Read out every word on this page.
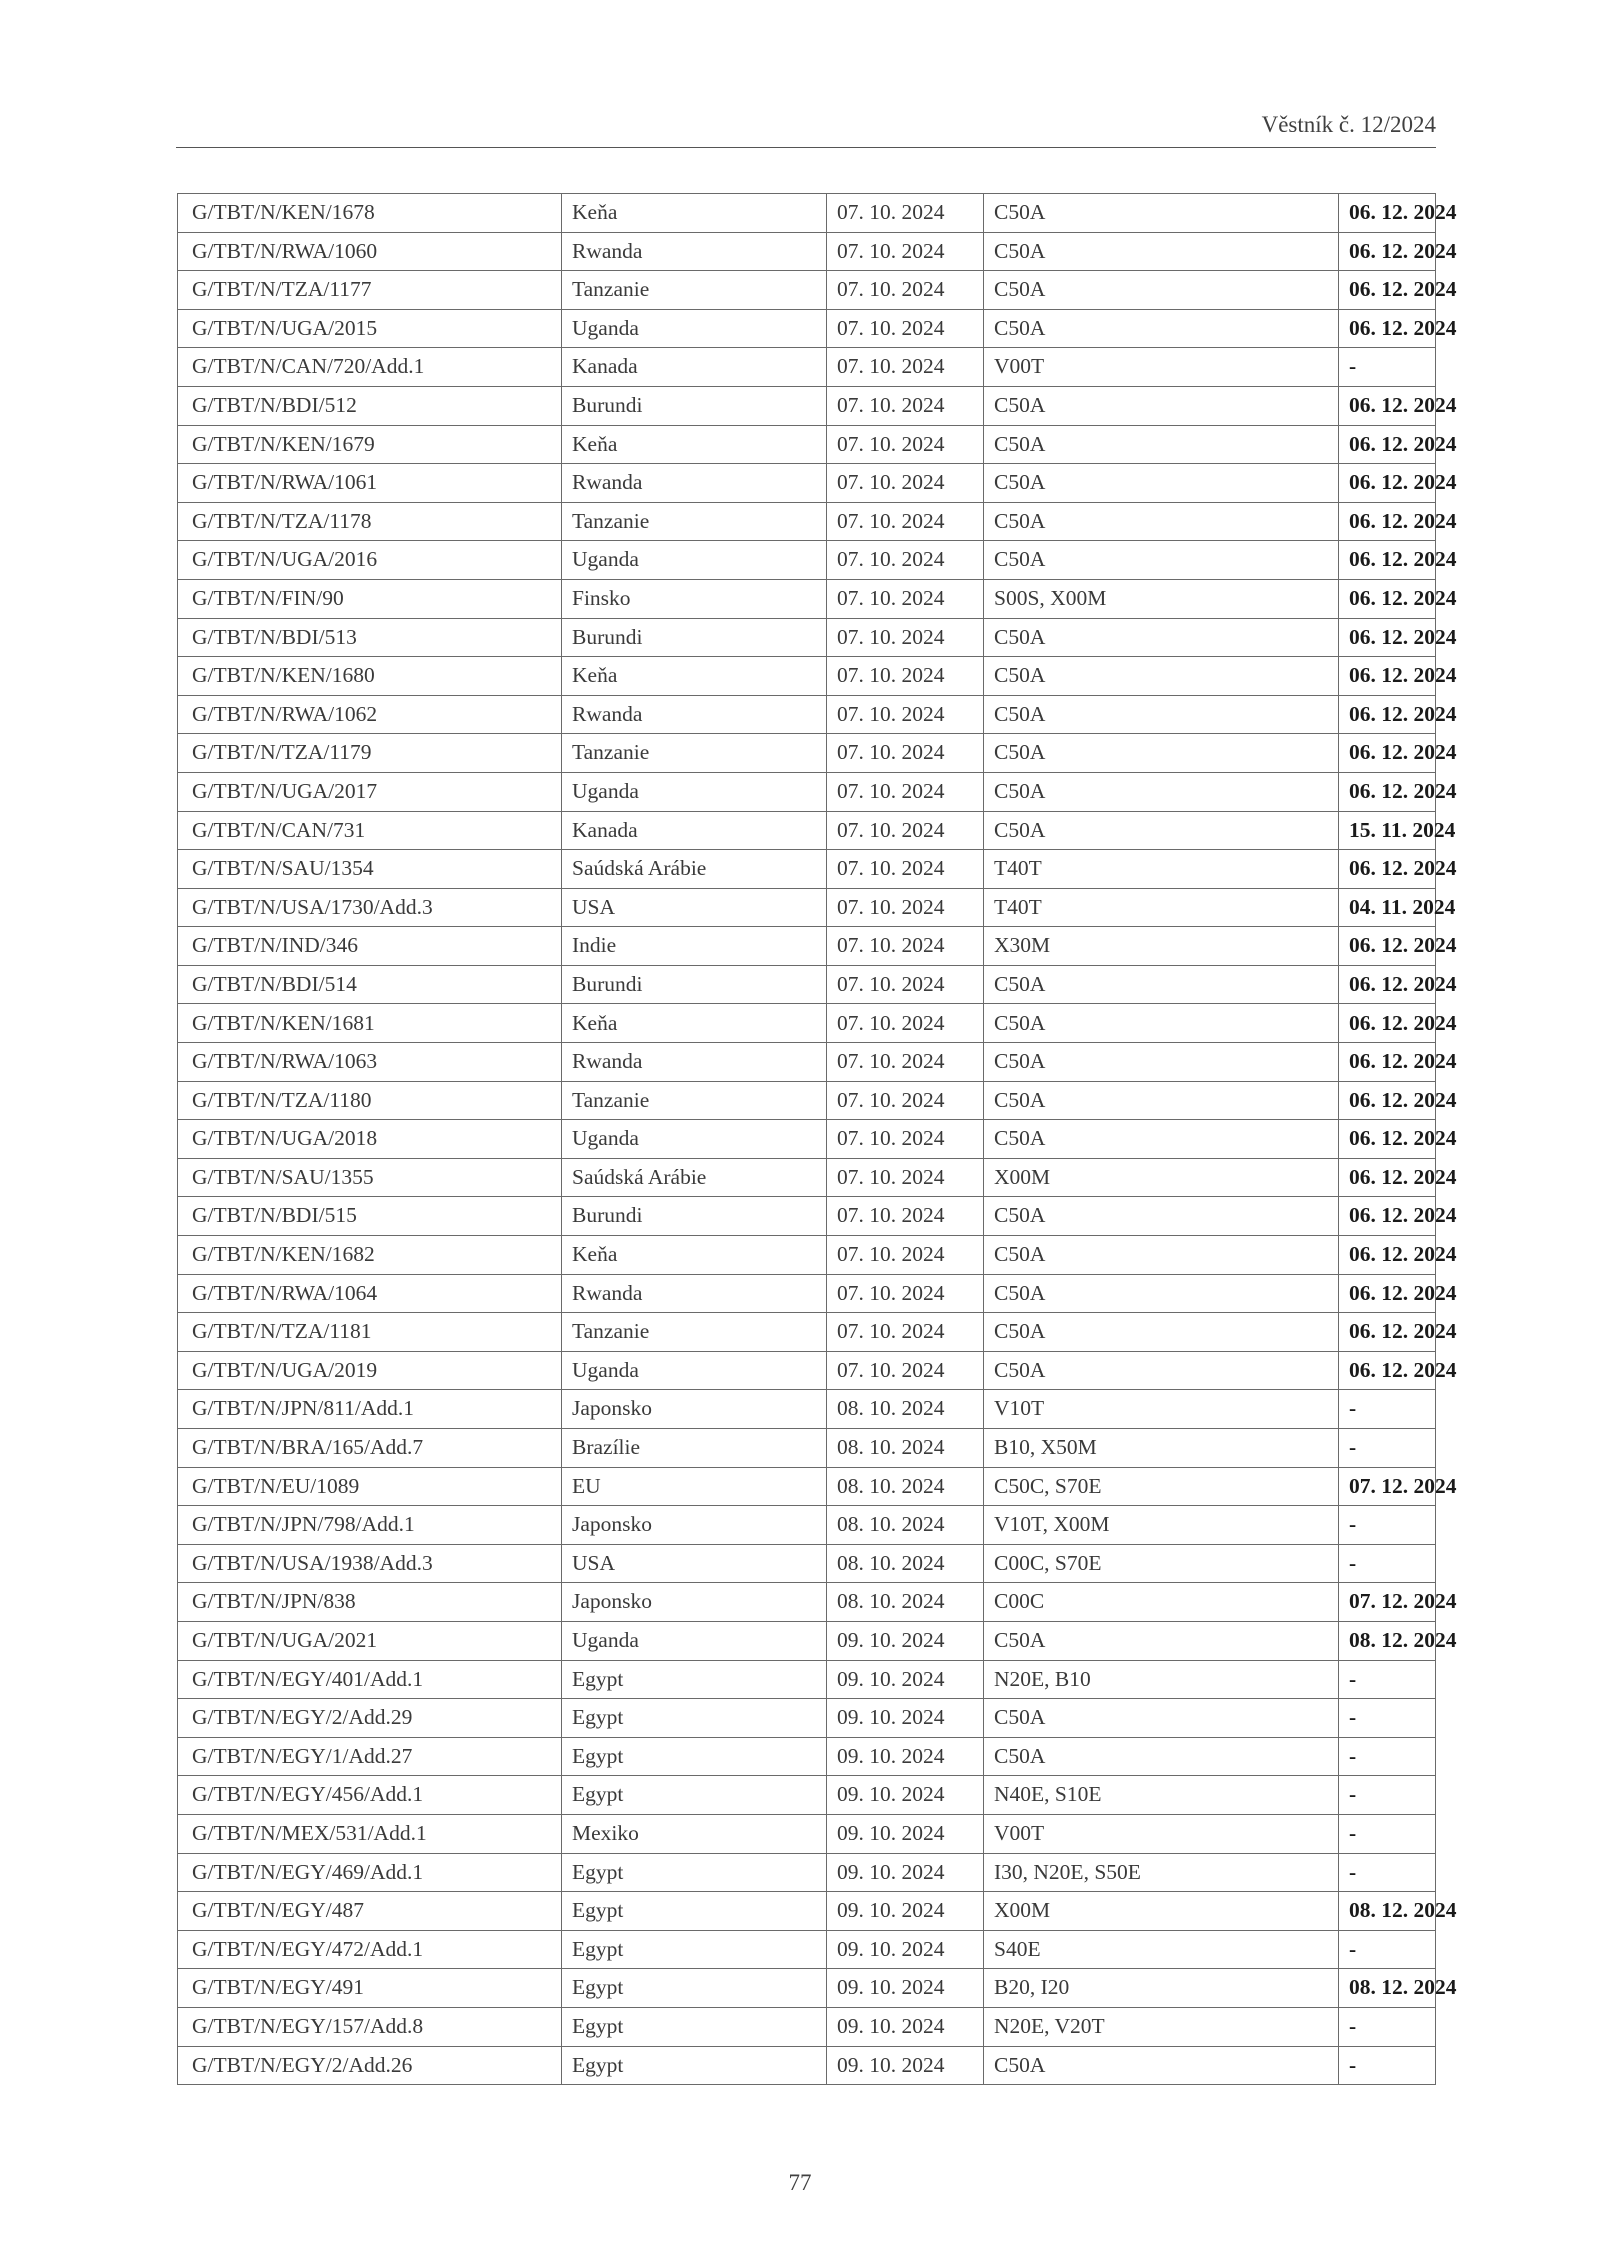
Věstník č. 12/2024
G/TBT/N/KEN/1678	Keňa	07. 10. 2024	C50A	06. 12. 2024
G/TBT/N/RWA/1060	Rwanda	07. 10. 2024	C50A	06. 12. 2024
G/TBT/N/TZA/1177	Tanzanie	07. 10. 2024	C50A	06. 12. 2024
G/TBT/N/UGA/2015	Uganda	07. 10. 2024	C50A	06. 12. 2024
G/TBT/N/CAN/720/Add.1	Kanada	07. 10. 2024	V00T	-
G/TBT/N/BDI/512	Burundi	07. 10. 2024	C50A	06. 12. 2024
G/TBT/N/KEN/1679	Keňa	07. 10. 2024	C50A	06. 12. 2024
G/TBT/N/RWA/1061	Rwanda	07. 10. 2024	C50A	06. 12. 2024
G/TBT/N/TZA/1178	Tanzanie	07. 10. 2024	C50A	06. 12. 2024
G/TBT/N/UGA/2016	Uganda	07. 10. 2024	C50A	06. 12. 2024
G/TBT/N/FIN/90	Finsko	07. 10. 2024	S00S, X00M	06. 12. 2024
G/TBT/N/BDI/513	Burundi	07. 10. 2024	C50A	06. 12. 2024
G/TBT/N/KEN/1680	Keňa	07. 10. 2024	C50A	06. 12. 2024
G/TBT/N/RWA/1062	Rwanda	07. 10. 2024	C50A	06. 12. 2024
G/TBT/N/TZA/1179	Tanzanie	07. 10. 2024	C50A	06. 12. 2024
G/TBT/N/UGA/2017	Uganda	07. 10. 2024	C50A	06. 12. 2024
G/TBT/N/CAN/731	Kanada	07. 10. 2024	C50A	15. 11. 2024
G/TBT/N/SAU/1354	Saúdská Arábie	07. 10. 2024	T40T	06. 12. 2024
G/TBT/N/USA/1730/Add.3	USA	07. 10. 2024	T40T	04. 11. 2024
G/TBT/N/IND/346	Indie	07. 10. 2024	X30M	06. 12. 2024
G/TBT/N/BDI/514	Burundi	07. 10. 2024	C50A	06. 12. 2024
G/TBT/N/KEN/1681	Keňa	07. 10. 2024	C50A	06. 12. 2024
G/TBT/N/RWA/1063	Rwanda	07. 10. 2024	C50A	06. 12. 2024
G/TBT/N/TZA/1180	Tanzanie	07. 10. 2024	C50A	06. 12. 2024
G/TBT/N/UGA/2018	Uganda	07. 10. 2024	C50A	06. 12. 2024
G/TBT/N/SAU/1355	Saúdská Arábie	07. 10. 2024	X00M	06. 12. 2024
G/TBT/N/BDI/515	Burundi	07. 10. 2024	C50A	06. 12. 2024
G/TBT/N/KEN/1682	Keňa	07. 10. 2024	C50A	06. 12. 2024
G/TBT/N/RWA/1064	Rwanda	07. 10. 2024	C50A	06. 12. 2024
G/TBT/N/TZA/1181	Tanzanie	07. 10. 2024	C50A	06. 12. 2024
G/TBT/N/UGA/2019	Uganda	07. 10. 2024	C50A	06. 12. 2024
G/TBT/N/JPN/811/Add.1	Japonsko	08. 10. 2024	V10T	-
G/TBT/N/BRA/165/Add.7	Brazílie	08. 10. 2024	B10, X50M	-
G/TBT/N/EU/1089	EU	08. 10. 2024	C50C, S70E	07. 12. 2024
G/TBT/N/JPN/798/Add.1	Japonsko	08. 10. 2024	V10T, X00M	-
G/TBT/N/USA/1938/Add.3	USA	08. 10. 2024	C00C, S70E	-
G/TBT/N/JPN/838	Japonsko	08. 10. 2024	C00C	07. 12. 2024
G/TBT/N/UGA/2021	Uganda	09. 10. 2024	C50A	08. 12. 2024
G/TBT/N/EGY/401/Add.1	Egypt	09. 10. 2024	N20E, B10	-
G/TBT/N/EGY/2/Add.29	Egypt	09. 10. 2024	C50A	-
G/TBT/N/EGY/1/Add.27	Egypt	09. 10. 2024	C50A	-
G/TBT/N/EGY/456/Add.1	Egypt	09. 10. 2024	N40E, S10E	-
G/TBT/N/MEX/531/Add.1	Mexiko	09. 10. 2024	V00T	-
G/TBT/N/EGY/469/Add.1	Egypt	09. 10. 2024	I30, N20E, S50E	-
G/TBT/N/EGY/487	Egypt	09. 10. 2024	X00M	08. 12. 2024
G/TBT/N/EGY/472/Add.1	Egypt	09. 10. 2024	S40E	-
G/TBT/N/EGY/491	Egypt	09. 10. 2024	B20, I20	08. 12. 2024
G/TBT/N/EGY/157/Add.8	Egypt	09. 10. 2024	N20E, V20T	-
G/TBT/N/EGY/2/Add.26	Egypt	09. 10. 2024	C50A	-
77
